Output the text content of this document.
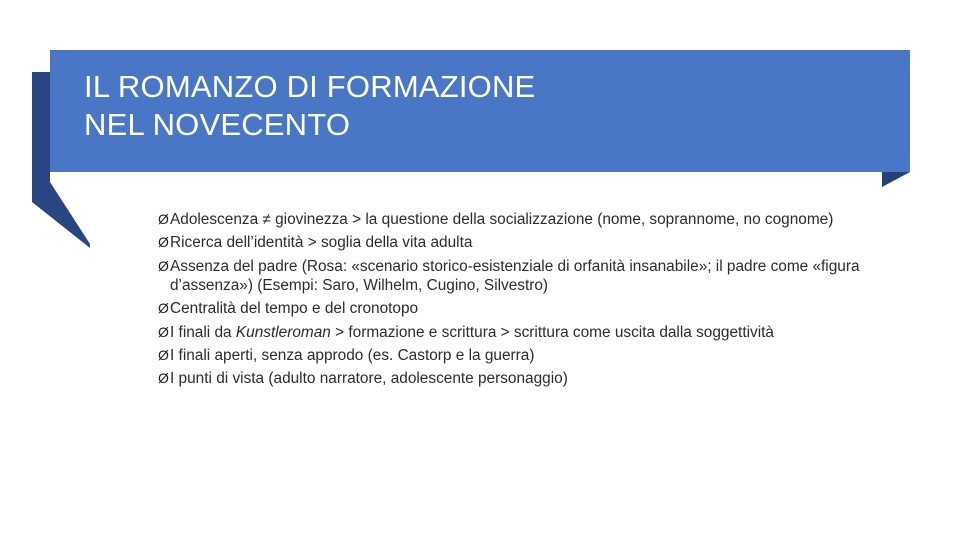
IL ROMANZO DI FORMAZIONE
NEL NOVECENTO
Ø Adolescenza ≠ giovinezza > la questione della socializzazione (nome, soprannome, no cognome)
Ø Ricerca dell’identità > soglia della vita adulta
Ø Assenza del padre (Rosa: «scenario storico-esistenziale di orfanità insanabile»; il padre come «figura d’assenza») (Esempi: Saro, Wilhelm, Cugino, Silvestro)
Ø Centralità del tempo e del cronotopo
Ø I finali da Kunstleroman > formazione e scrittura > scrittura come uscita dalla soggettività
Ø I finali aperti, senza approdo (es. Castorp e la guerra)
Ø I punti di vista (adulto narratore, adolescente personaggio)
